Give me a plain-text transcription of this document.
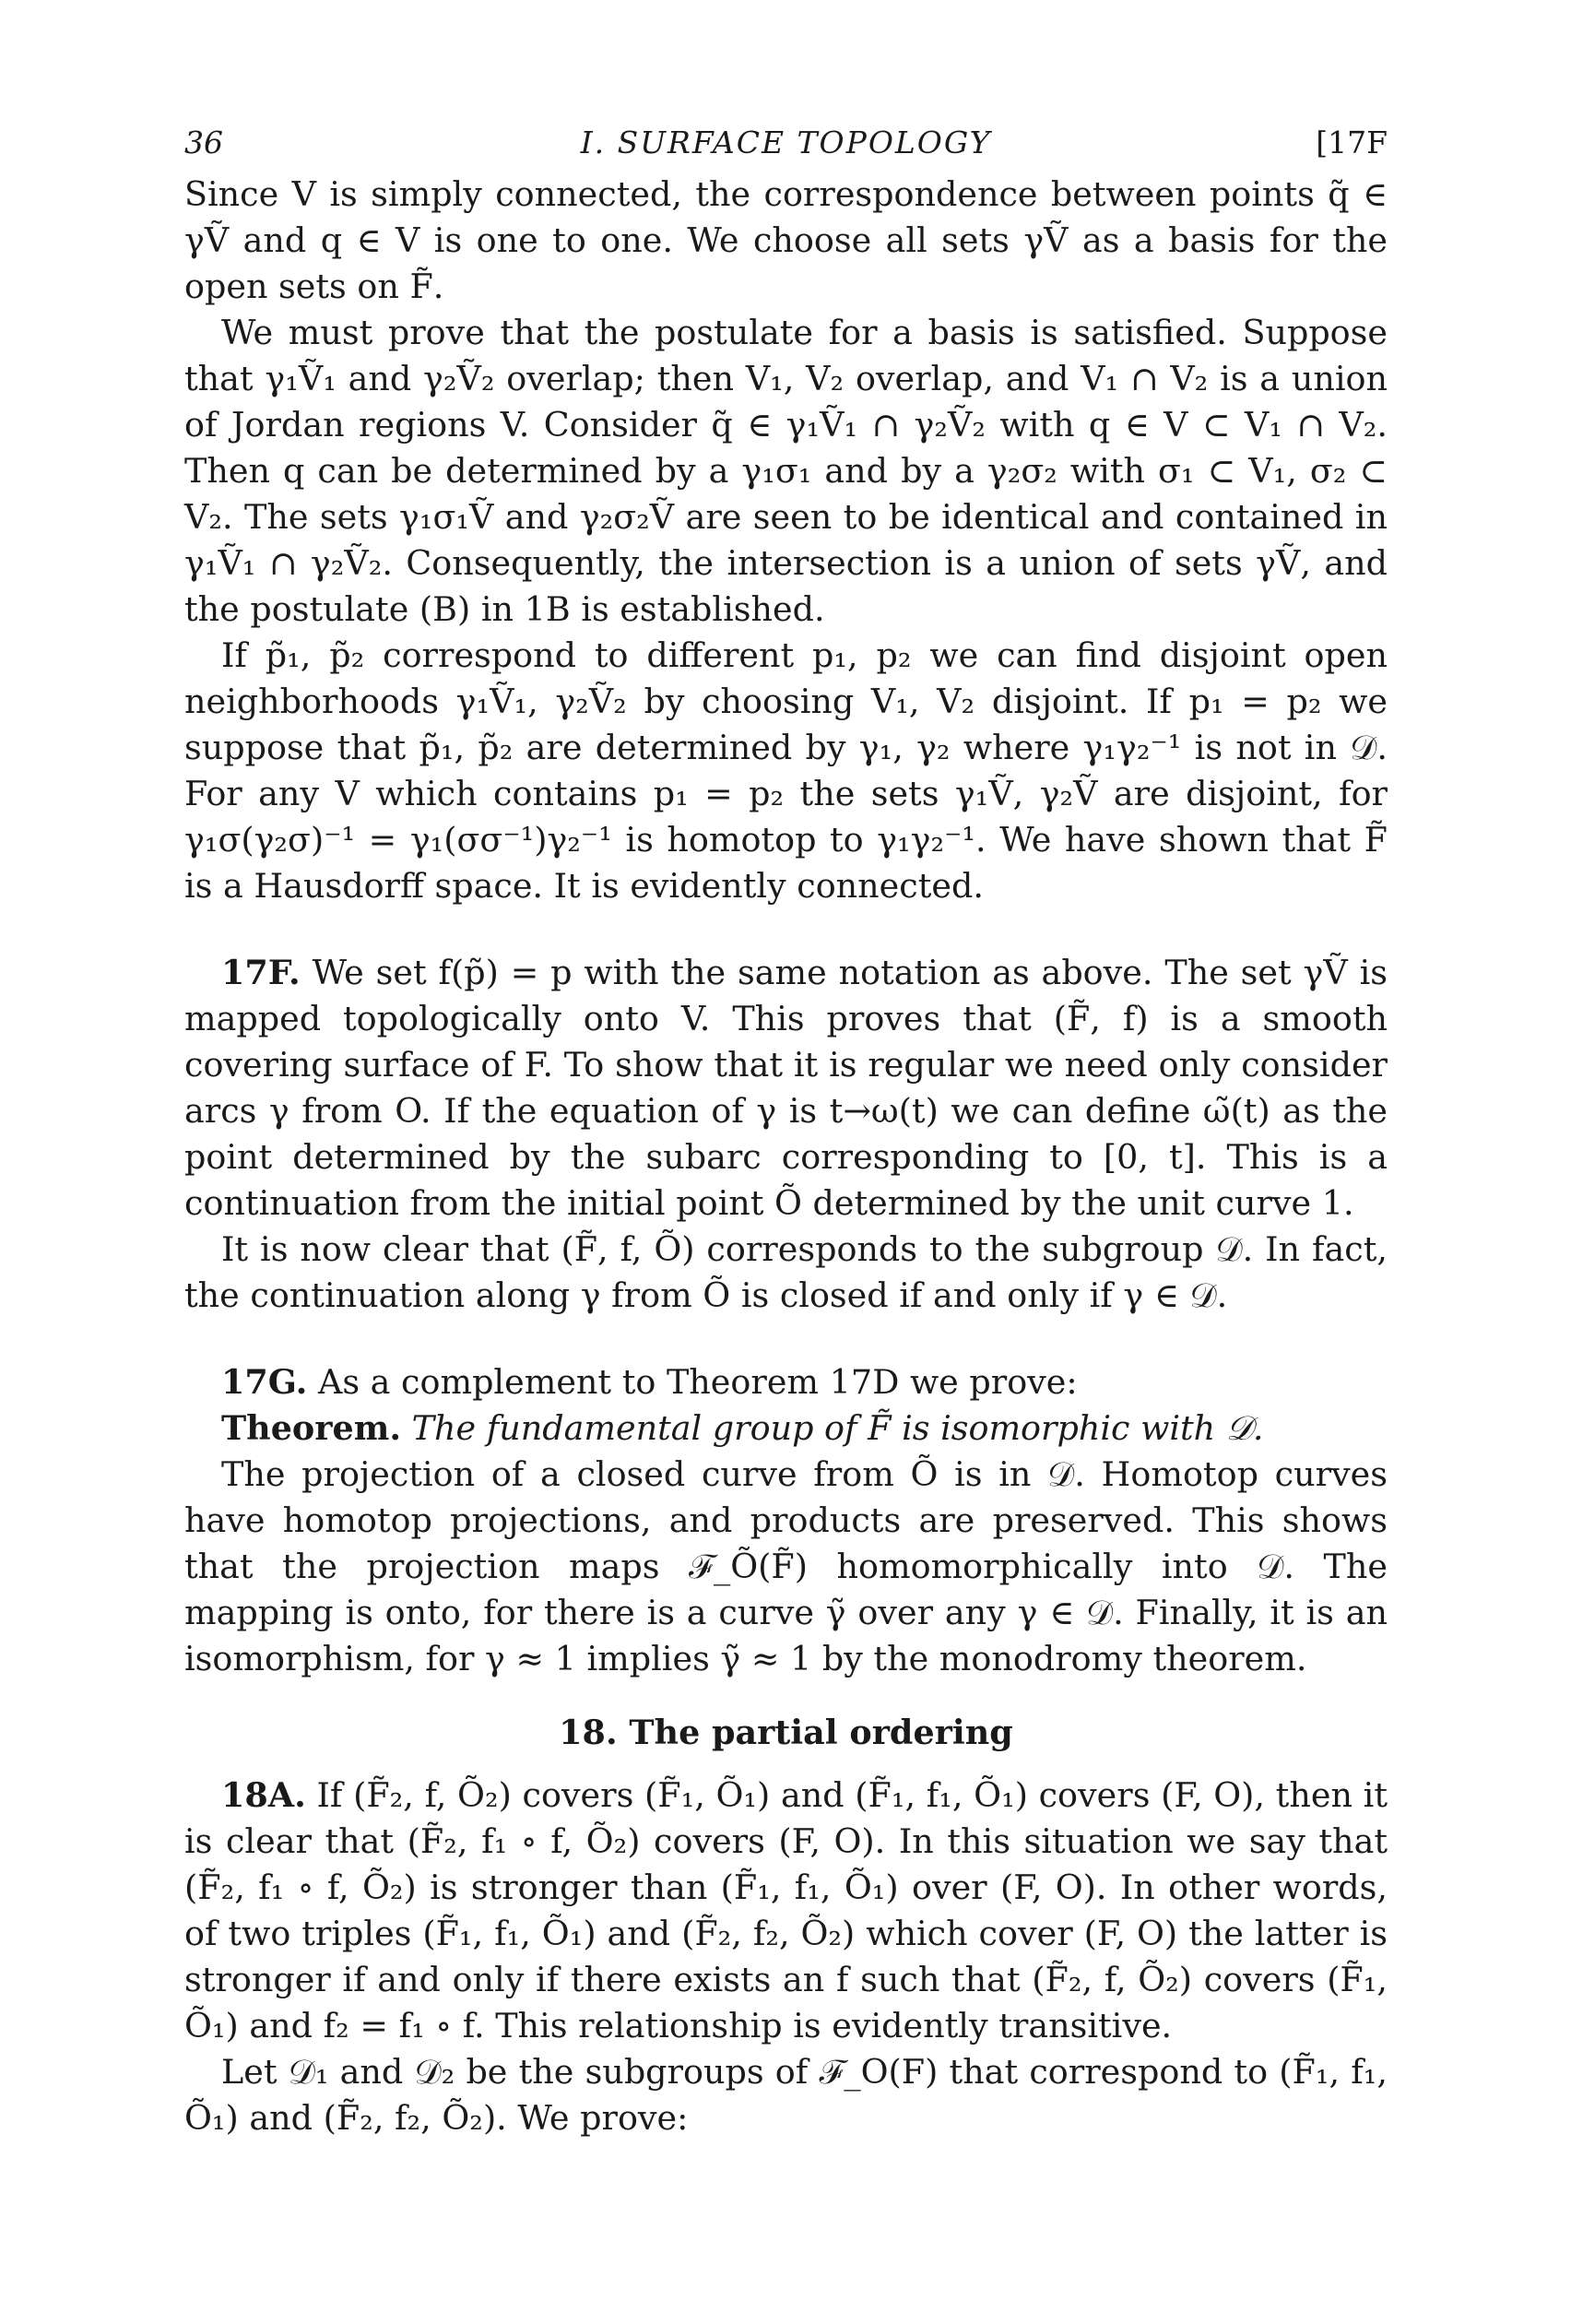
36	I. SURFACE TOPOLOGY	[17F

Since V is simply connected, the correspondence between points q̃ ∈ γṼ and q ∈ V is one to one. We choose all sets γṼ as a basis for the open sets on F̃.

We must prove that the postulate for a basis is satisfied. Suppose that γ₁Ṽ₁ and γ₂Ṽ₂ overlap; then V₁, V₂ overlap, and V₁ ∩ V₂ is a union of Jordan regions V. Consider q̃ ∈ γ₁Ṽ₁ ∩ γ₂Ṽ₂ with q ∈ V ⊂ V₁ ∩ V₂. Then q can be determined by a γ₁σ₁ and by a γ₂σ₂ with σ₁ ⊂ V₁, σ₂ ⊂ V₂. The sets γ₁σ₁Ṽ and γ₂σ₂Ṽ are seen to be identical and contained in γ₁Ṽ₁ ∩ γ₂Ṽ₂. Consequently, the intersection is a union of sets γṼ, and the postulate (B) in 1B is established.

If p̃₁, p̃₂ correspond to different p₁, p₂ we can find disjoint open neighborhoods γ₁Ṽ₁, γ₂Ṽ₂ by choosing V₁, V₂ disjoint. If p₁ = p₂ we suppose that p̃₁, p̃₂ are determined by γ₁, γ₂ where γ₁γ₂⁻¹ is not in 𝒟. For any V which contains p₁ = p₂ the sets γ₁Ṽ, γ₂Ṽ are disjoint, for γ₁σ(γ₂σ)⁻¹ = γ₁(σσ⁻¹)γ₂⁻¹ is homotop to γ₁γ₂⁻¹. We have shown that F̃ is a Hausdorff space. It is evidently connected.

17F. We set f(p̃) = p with the same notation as above. The set γṼ is mapped topologically onto V. This proves that (F̃, f) is a smooth covering surface of F. To show that it is regular we need only consider arcs γ from O. If the equation of γ is t→ω(t) we can define ω̃(t) as the point determined by the subarc corresponding to [0, t]. This is a continuation from the initial point Õ determined by the unit curve 1.

It is now clear that (F̃, f, Õ) corresponds to the subgroup 𝒟. In fact, the continuation along γ from Õ is closed if and only if γ ∈ 𝒟.

17G. As a complement to Theorem 17D we prove:

Theorem. The fundamental group of F̃ is isomorphic with 𝒟.

The projection of a closed curve from Õ is in 𝒟. Homotop curves have homotop projections, and products are preserved. This shows that the projection maps ℱ_Õ(F̃) homomorphically into 𝒟. The mapping is onto, for there is a curve γ̃ over any γ ∈ 𝒟. Finally, it is an isomorphism, for γ ≈ 1 implies γ̃ ≈ 1 by the monodromy theorem.

18. The partial ordering

18A. If (F̃₂, f, Õ₂) covers (F̃₁, Õ₁) and (F̃₁, f₁, Õ₁) covers (F, O), then it is clear that (F̃₂, f₁ ∘ f, Õ₂) covers (F, O). In this situation we say that (F̃₂, f₁ ∘ f, Õ₂) is stronger than (F̃₁, f₁, Õ₁) over (F, O). In other words, of two triples (F̃₁, f₁, Õ₁) and (F̃₂, f₂, Õ₂) which cover (F, O) the latter is stronger if and only if there exists an f such that (F̃₂, f, Õ₂) covers (F̃₁, Õ₁) and f₂ = f₁ ∘ f. This relationship is evidently transitive.

Let 𝒟₁ and 𝒟₂ be the subgroups of ℱ_O(F) that correspond to (F̃₁, f₁, Õ₁) and (F̃₂, f₂, Õ₂). We prove:
